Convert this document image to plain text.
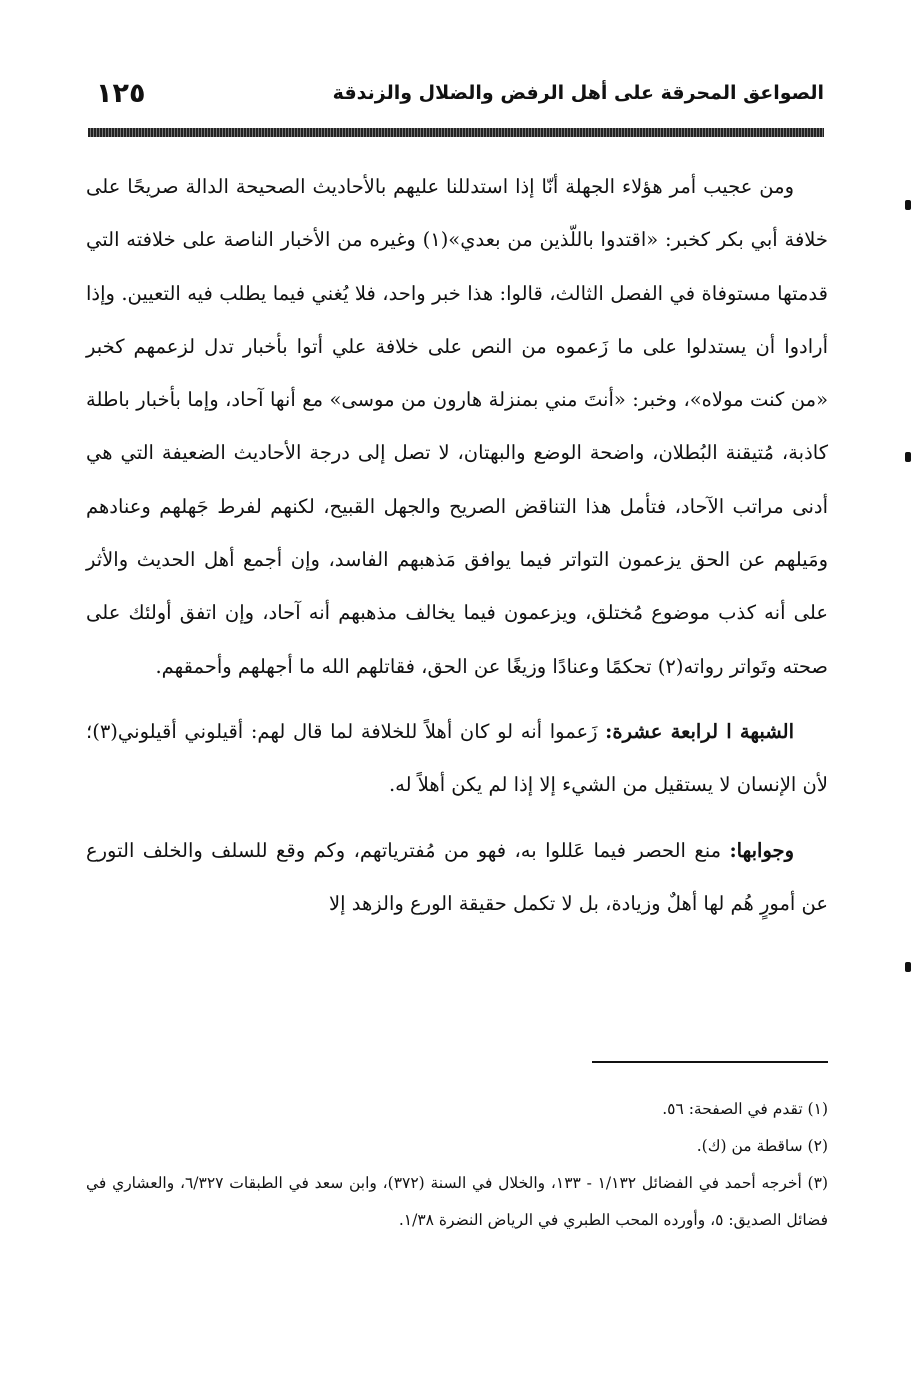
الصواعق المحرقة على أهل الرفض والضلال والزندقة
١٢٥

ومن عجيب أمر هؤلاء الجهلة أنّا إذا استدللنا عليهم بالأحاديث الصحيحة الدالة صريحًا على خلافة أبي بكر كخبر: «اقتدوا باللّذين من بعدي»(١) وغيره من الأخبار الناصة على خلافته التي قدمتها مستوفاة في الفصل الثالث، قالوا: هذا خبر واحد، فلا يُغني فيما يطلب فيه التعيين. وإذا أرادوا أن يستدلوا على ما زَعموه من النص على خلافة علي أتوا بأخبار تدل لزعمهم كخبر «من كنت مولاه»، وخبر: «أنتَ مني بمنزلة هارون من موسى» مع أنها آحاد، وإما بأخبار باطلة كاذبة، مُتيقنة البُطلان، واضحة الوضع والبهتان، لا تصل إلى درجة الأحاديث الضعيفة التي هي أدنى مراتب الآحاد، فتأمل هذا التناقض الصريح والجهل القبيح، لكنهم لفرط جَهلهم وعنادهم ومَيلهم عن الحق يزعمون التواتر فيما يوافق مَذهبهم الفاسد، وإن أجمع أهل الحديث والأثر على أنه كذب موضوع مُختلق، ويزعمون فيما يخالف مذهبهم أنه آحاد، وإن اتفق أولئك على صحته وتَواتر رواته(٢) تحكمًا وعنادًا وزيغًا عن الحق، فقاتلهم الله ما أجهلهم وأحمقهم.

الشبهة ا لرابعة عشرة: زَعموا أنه لو كان أهلاً للخلافة لما قال لهم: أقيلوني أقيلوني(٣)؛ لأن الإنسان لا يستقيل من الشيء إلا إذا لم يكن أهلاً له.

وجوابها: منع الحصر فيما عَللوا به، فهو من مُفترياتهم، وكم وقع للسلف والخلف التورع عن أمورٍ هُم لها أهلٌ وزيادة، بل لا تكمل حقيقة الورع والزهد إلا

(١) تقدم في الصفحة: ٥٦.

(٢) ساقطة من (ك).

(٣) أخرجه أحمد في الفضائل ١/١٣٢ - ١٣٣، والخلال في السنة (٣٧٢)، وابن سعد في الطبقات ٦/٣٢٧، والعشاري في فضائل الصديق: ٥، وأورده المحب الطبري في الرياض النضرة ١/٣٨.
